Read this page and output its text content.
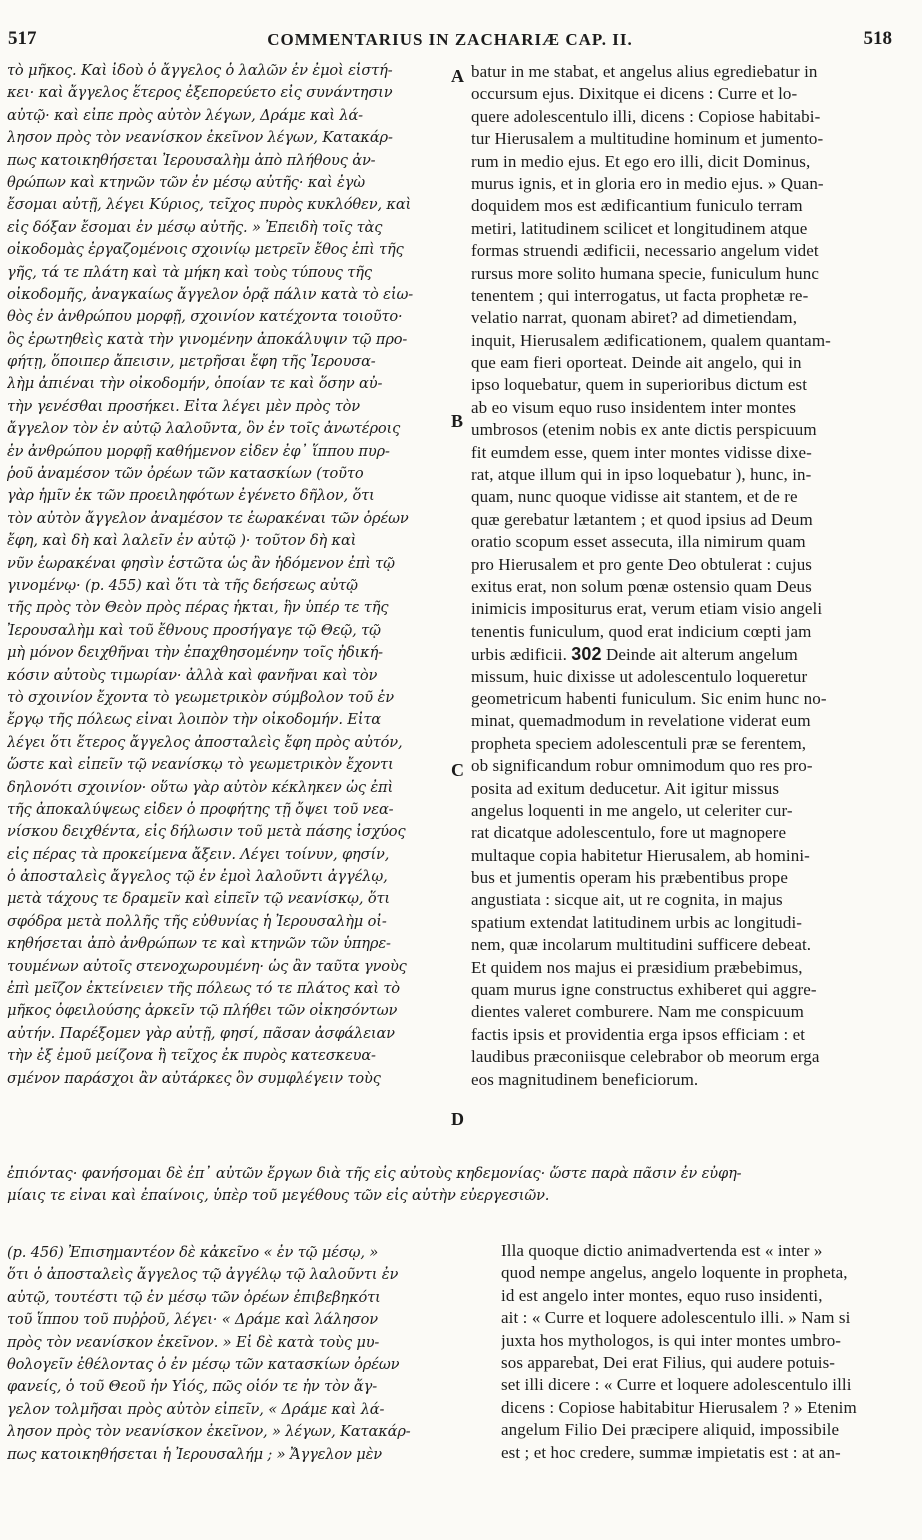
517	COMMENTARIUS IN ZACHARIÆ CAP. II.	518
τὸ μῆκος. Καὶ ἰδοὺ ὁ ἄγγελος ὁ λαλῶν ἐν ἐμοὶ εἱστή-
κει· καὶ ἄγγελος ἕτερος ἐξεπορεύετο εἰς συνάντησιν
αὐτῷ· καὶ εἶπε πρὸς αὐτὸν λέγων, Δράμε καὶ λά-
λησον πρὸς τὸν νεανίσκον ἐκεῖνον λέγων, Κατακάρ-
πως κατοικηθήσεται Ἰερουσαλὴμ ἀπὸ πλήθους ἀν-
θρώπων καὶ κτηνῶν τῶν ἐν μέσῳ αὐτῆς· καὶ ἐγὼ
ἔσομαι αὐτῇ, λέγει Κύριος, τεῖχος πυρὸς κυκλόθεν, καὶ
εἰς δόξαν ἔσομαι ἐν μέσῳ αὐτῆς. » Ἐπειδὴ τοῖς τὰς
οἰκοδομὰς ἐργαζομένοις σχοινίῳ μετρεῖν ἔθος ἐπὶ τῆς
γῆς, τά τε πλάτη καὶ τὰ μήκη καὶ τοὺς τύπους τῆς
οἰκοδομῆς, ἀναγκαίως ἄγγελον ὁρᾷ πάλιν κατὰ τὸ εἰω-
θὸς ἐν ἀνθρώπου μορφῇ, σχοινίον κατέχοντα τοιοῦτο·
ὃς ἐρωτηθεὶς κατὰ τὴν γινομένην ἀποκάλυψιν τῷ προ-
φήτῃ, ὅποιπερ ἄπεισιν, μετρῆσαι ἔφη τῆς Ἰερουσα-
λὴμ ἀπιέναι τὴν οἰκοδομήν, ὁποίαν τε καὶ ὅσην αὐ-
τὴν γενέσθαι προσήκει. Εἶτα λέγει μὲν πρὸς τὸν
ἄγγελον τὸν ἐν αὐτῷ λαλοῦντα, ὃν ἐν τοῖς ἀνωτέροις
ἐν ἀνθρώπου μορφῇ καθήμενον εἶδεν ἐφ᾽ ἵππου πυρ-
ῥοῦ ἀναμέσον τῶν ὀρέων τῶν κατασκίων (τοῦτο
γὰρ ἡμῖν ἐκ τῶν προειληφότων ἐγένετο δῆλον, ὅτι
τὸν αὐτὸν ἄγγελον ἀναμέσον τε ἑωρακέναι τῶν ὀρέων
ἔφη, καὶ δὴ καὶ λαλεῖν ἐν αὐτῷ )· τοῦτον δὴ καὶ
νῦν ἑωρακέναι φησὶν ἑστῶτα ὡς ἂν ἡδόμενον ἐπὶ τῷ
γινομένῳ· (p. 455) καὶ ὅτι τὰ τῆς δεήσεως αὐτῷ
τῆς πρὸς τὸν Θεὸν πρὸς πέρας ἧκται, ἣν ὑπέρ τε τῆς
Ἰερουσαλὴμ καὶ τοῦ ἔθνους προσήγαγε τῷ Θεῷ, τῷ
μὴ μόνον δειχθῆναι τὴν ἐπαχθησομένην τοῖς ἠδική-
κόσιν αὐτοὺς τιμωρίαν· ἀλλὰ καὶ φανῆναι καὶ τὸν
τὸ σχοινίον ἔχοντα τὸ γεωμετρικὸν σύμβολον τοῦ ἐν
ἔργῳ τῆς πόλεως εἶναι λοιπὸν τὴν οἰκοδομήν. Εἶτα
λέγει ὅτι ἕτερος ἄγγελος ἀποσταλεὶς ἔφη πρὸς αὐτόν,
ὥστε καὶ εἰπεῖν τῷ νεανίσκῳ τὸ γεωμετρικὸν ἔχοντι
δηλονότι σχοινίον· οὕτω γὰρ αὐτὸν κέκληκεν ὡς ἐπὶ
τῆς ἀποκαλύψεως εἶδεν ὁ προφήτης τῇ ὄψει τοῦ νεα-
νίσκου δειχθέντα, εἰς δήλωσιν τοῦ μετὰ πάσης ἰσχύος
εἰς πέρας τὰ προκείμενα ἄξειν. Λέγει τοίνυν, φησίν,
ὁ ἀποσταλεὶς ἄγγελος τῷ ἐν ἐμοὶ λαλοῦντι ἀγγέλῳ,
μετὰ τάχους τε δραμεῖν καὶ εἰπεῖν τῷ νεανίσκῳ, ὅτι
σφόδρα μετὰ πολλῆς τῆς εὐθυνίας ἡ Ἰερουσαλὴμ οἰ-
κηθήσεται ἀπὸ ἀνθρώπων τε καὶ κτηνῶν τῶν ὑπηρε-
τουμένων αὐτοῖς στενοχωρουμένη· ὡς ἂν ταῦτα γνοὺς
ἐπὶ μεῖζον ἐκτείνειεν τῆς πόλεως τό τε πλάτος καὶ τὸ
μῆκος ὀφειλούσης ἀρκεῖν τῷ πλήθει τῶν οἰκησόντων
αὐτήν. Παρέξομεν γὰρ αὐτῇ, φησί, πᾶσαν ἀσφάλειαν
τὴν ἐξ ἐμοῦ μείζονα ἢ τεῖχος ἐκ πυρὸς κατεσκευα-
σμένον παράσχοι ἂν αὐτάρκες ὃν συμφλέγειν τοὺς
batur in me stabat, et angelus alius egrediebatur in
occursum ejus. Dixitque ei dicens : Curre et lo-
quere adolescentulo illi, dicens : Copiose habitabi-
tur Hierusalem a multitudine hominum et jumento-
rum in medio ejus. Et ego ero illi, dicit Dominus,
murus ignis, et in gloria ero in medio ejus. » Quan-
doquidem mos est ædificantium funiculo terram
metiri, latitudinem scilicet et longitudinem atque
formas struendi ædificii, necessario angelum videt
rursus more solito humana specie, funiculum hunc
tenentem ; qui interrogatus, ut facta prophetæ re-
velatio narrat, quonam abiret? ad dimetiendam,
inquit, Hierusalem ædificationem, qualem quantam-
que eam fieri oporteat. Deinde ait angelo, qui in
ipso loquebatur, quem in superioribus dictum est
ab eo visum equo ruso insidentem inter montes
umbrosos (etenim nobis ex ante dictis perspicuum
fit eumdem esse, quem inter montes vidisse dixe-
rat, atque illum qui in ipso loquebatur ), hunc, in-
quam, nunc quoque vidisse ait stantem, et de re
quæ gerebatur lætantem ; et quod ipsius ad Deum
oratio scopum esset assecuta, illa nimirum quam
pro Hierusalem et pro gente Deo obtulerat : cujus
exitus erat, non solum pœnæ ostensio quam Deus
inimicis impositurus erat, verum etiam visio angeli
tenentis funiculum, quod erat indicium cœpti jam
urbis ædificii. 302 Deinde ait alterum angelum
missum, huic dixisse ut adolescentulo loqueretur
geometricum habenti funiculum. Sic enim hunc no-
minat, quemadmodum in revelatione viderat eum
propheta speciem adolescentuli præ se ferentem,
ob significandum robur omnimodum quo res pro-
posita ad exitum deducetur. Ait igitur missus
angelus loquenti in me angelo, ut celeriter cur-
rat dicatque adolescentulo, fore ut magnopere
multaque copia habitetur Hierusalem, ab homini-
bus et jumentis operam his præbentibus prope
angustiata : sicque ait, ut re cognita, in majus
spatium extendat latitudinem urbis ac longitudi-
nem, quæ incolarum multitudini sufficere debeat.
Et quidem nos majus ei præsidium præbebimus,
quam murus igne constructus exhiberet qui aggre-
dientes valeret comburere. Nam me conspicuum
factis ipsis et providentia erga ipsos efficiam : et
laudibus præconiisque celebrabor ob meorum erga
eos magnitudinem beneficiorum.
A
B
C
D
ἐπιόντας· φανήσομαι δὲ ἐπ᾽ αὐτῶν ἔργων διὰ τῆς εἰς αὐτοὺς κηδεμονίας· ὥστε παρὰ πᾶσιν ἐν εὐφη-
μίαις τε εἶναι καὶ ἐπαίνοις, ὑπὲρ τοῦ μεγέθους τῶν εἰς αὐτὴν εὐεργεσιῶν.
(p. 456) Ἐπισημαντέον δὲ κἀκεῖνο « ἐν τῷ μέσῳ, »
ὅτι ὁ ἀποσταλεὶς ἄγγελος τῷ ἀγγέλῳ τῷ λαλοῦντι ἐν
αὐτῷ, τουτέστι τῷ ἐν μέσῳ τῶν ὀρέων ἐπιβεβηκότι
τοῦ ἵππου τοῦ πυῤῥοῦ, λέγει· « Δράμε καὶ λάλησον
πρὸς τὸν νεανίσκον ἐκεῖνον. » Εἰ δὲ κατὰ τοὺς μυ-
θολογεῖν ἐθέλοντας ὁ ἐν μέσῳ τῶν κατασκίων ὀρέων
φανείς, ὁ τοῦ Θεοῦ ἦν Υἱός, πῶς οἷόν τε ἦν τὸν ἄγ-
γελον τολμῆσαι πρὸς αὐτὸν εἰπεῖν, « Δράμε καὶ λά-
λησον πρὸς τὸν νεανίσκον ἐκεῖνον, » λέγων, Κατακάρ-
πως κατοικηθήσεται ἡ Ἰερουσαλήμ ; » Ἄγγελον μὲν
Illa quoque dictio animadvertenda est « inter »
quod nempe angelus, angelo loquente in propheta,
id est angelo inter montes, equo ruso insidenti,
ait : « Curre et loquere adolescentulo illi. » Nam si
juxta hos mythologos, is qui inter montes umbro-
sos apparebat, Dei erat Filius, qui audere potuis-
set illi dicere : « Curre et loquere adolescentulo illi
dicens : Copiose habitabitur Hierusalem ? » Etenim
angelum Filio Dei præcipere aliquid, impossibile
est ; et hoc credere, summæ impietatis est : at an-
